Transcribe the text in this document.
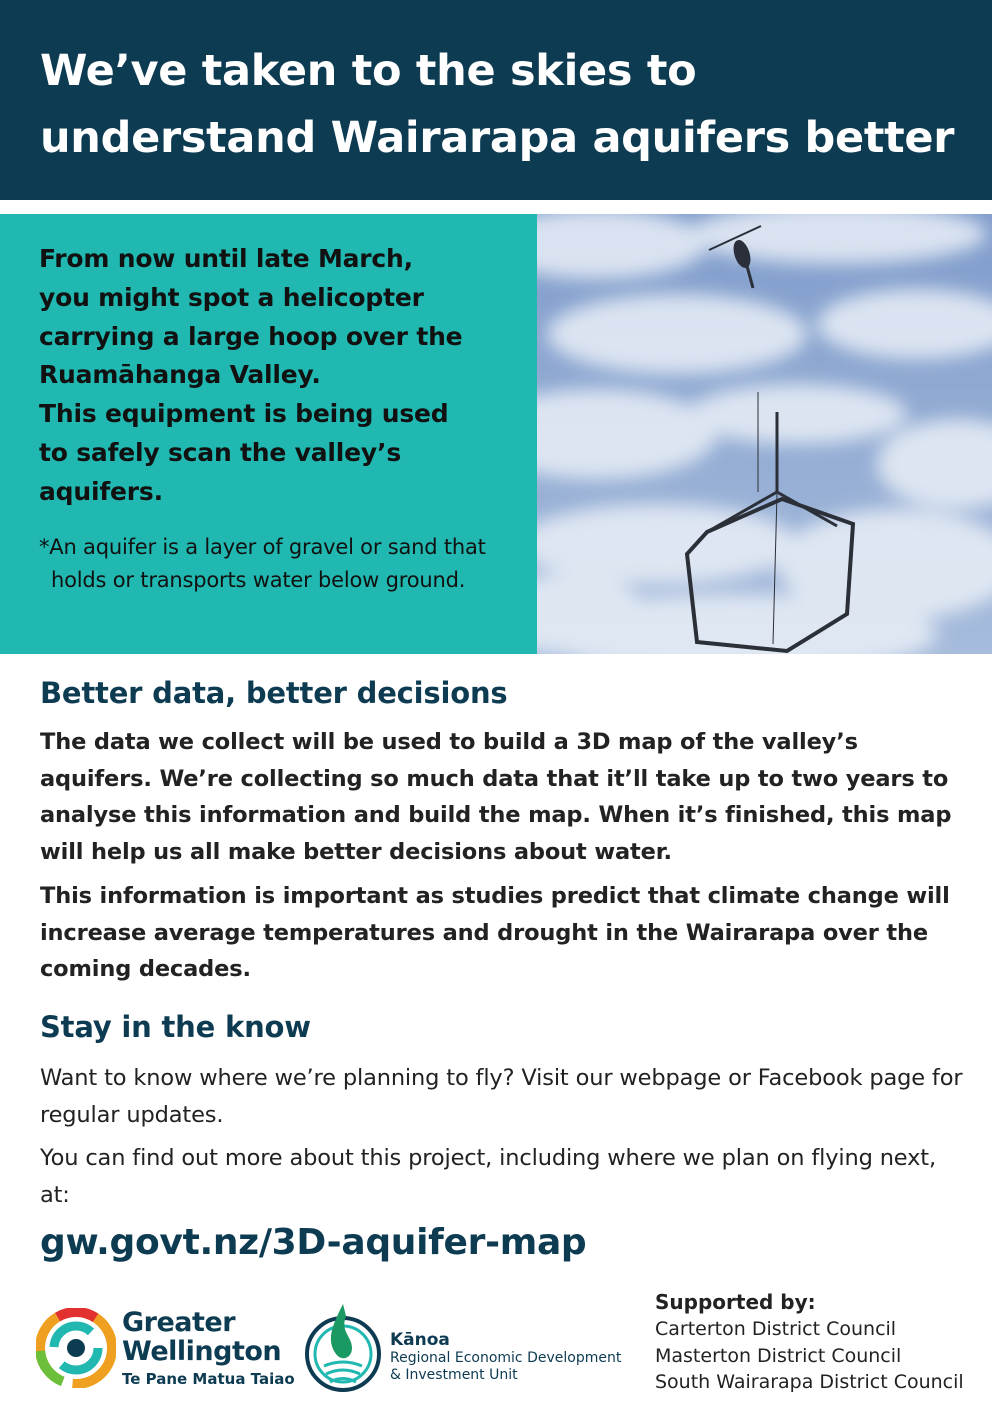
We’ve taken to the skies to
understand Wairarapa aquifers better

From now until late March,
you might spot a helicopter
carrying a large hoop over the
Ruamāhanga Valley.
This equipment is being used
to safely scan the valley’s
aquifers.

*An aquifer is a layer of gravel or sand that holds or transports water below ground.

Better data, better decisions

The data we collect will be used to build a 3D map of the valley’s aquifers. We’re collecting so much data that it’ll take up to two years to analyse this information and build the map. When it’s finished, this map will help us all make better decisions about water.

This information is important as studies predict that climate change will increase average temperatures and drought in the Wairarapa over the coming decades.

Stay in the know

Want to know where we’re planning to fly? Visit our webpage or Facebook page for regular updates.

You can find out more about this project, including where we plan on flying next, at:

gw.govt.nz/3D-aquifer-map

Greater
Wellington
Te Pane Matua Taiao
Kānoa
Regional Economic Development
& Investment Unit
Supported by:
Carterton District Council
Masterton District Council
South Wairarapa District Council
